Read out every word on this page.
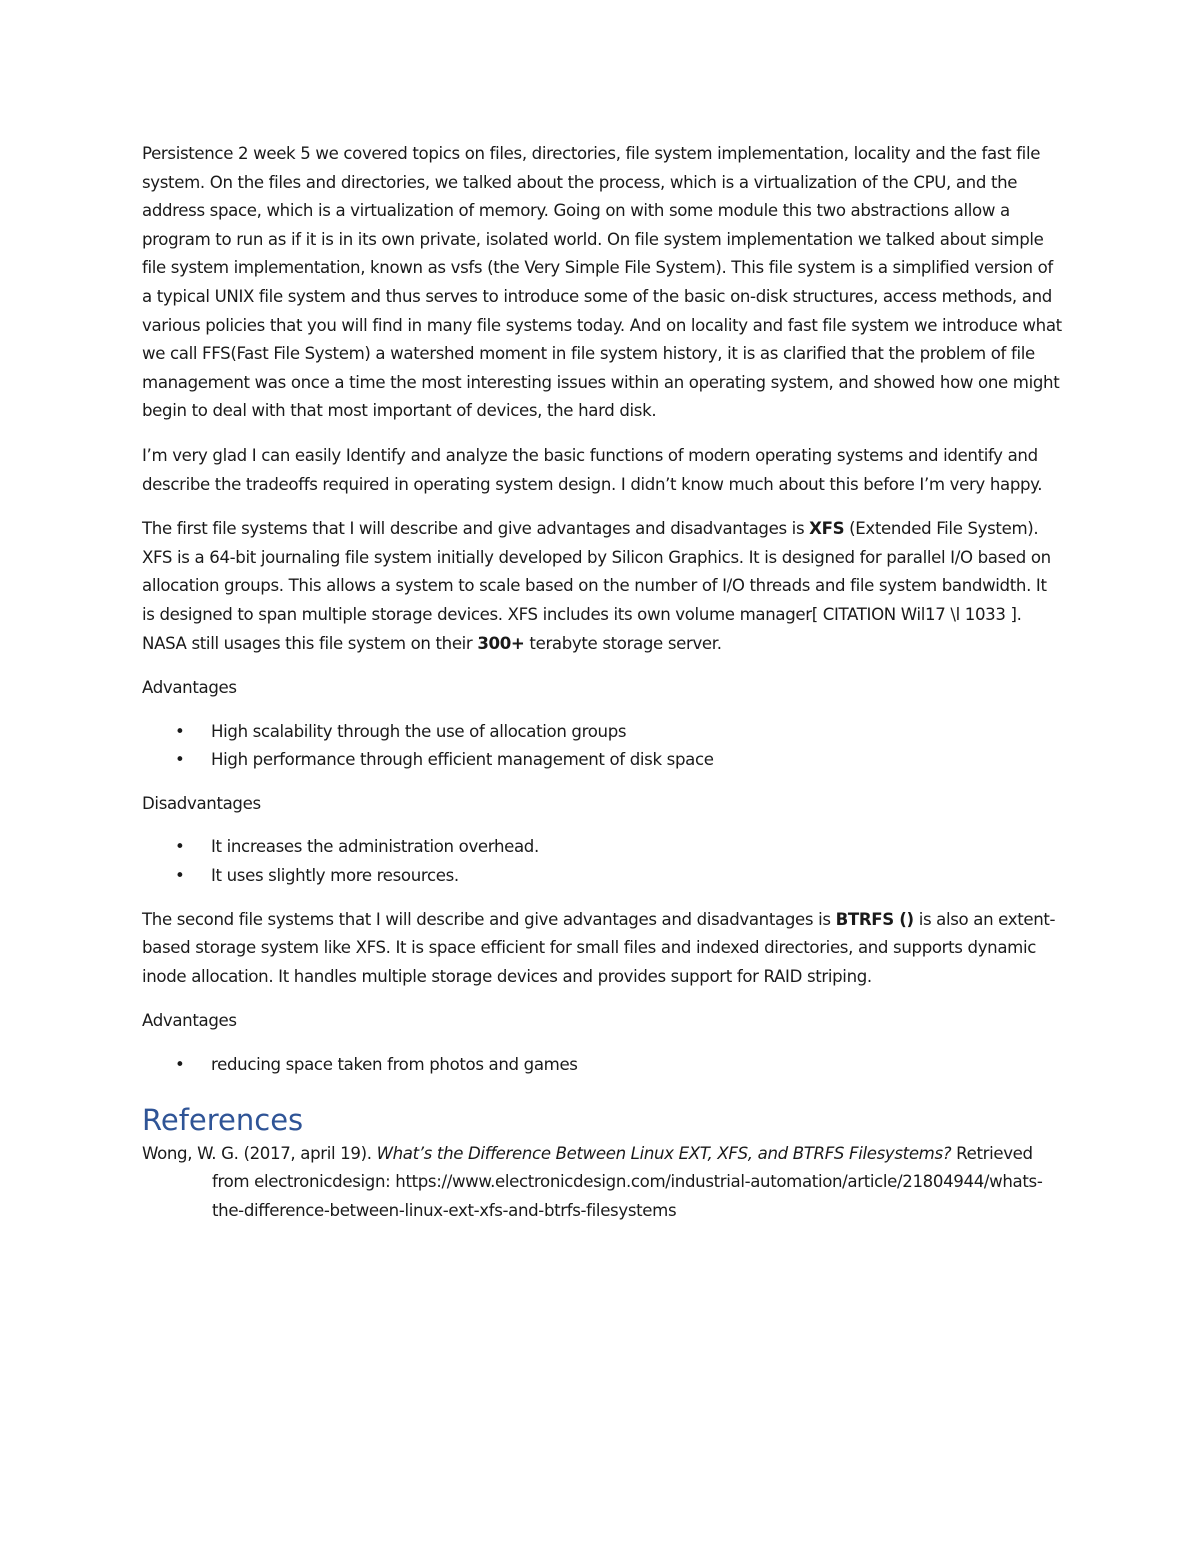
Persistence 2 week 5 we covered topics on files, directories, file system implementation, locality and the fast file system. On the files and directories, we talked about the process, which is a virtualization of the CPU, and the address space, which is a virtualization of memory. Going on with some module this two abstractions allow a program to run as if it is in its own private, isolated world. On file system implementation we talked about simple file system implementation, known as vsfs (the Very Simple File System). This file system is a simplified version of a typical UNIX file system and thus serves to introduce some of the basic on-disk structures, access methods, and various policies that you will find in many file systems today. And on locality and fast file system we introduce what we call FFS(Fast File System) a watershed moment in file system history, it is as clarified that the problem of file management was once a time the most interesting issues within an operating system, and showed how one might begin to deal with that most important of devices, the hard disk.

I’m very glad I can easily Identify and analyze the basic functions of modern operating systems and identify and describe the tradeoffs required in operating system design. I didn’t know much about this before I’m very happy.

The first file systems that I will describe and give advantages and disadvantages is XFS (Extended File System). XFS is a 64-bit journaling file system initially developed by Silicon Graphics. It is designed for parallel I/O based on allocation groups. This allows a system to scale based on the number of I/O threads and file system bandwidth. It is designed to span multiple storage devices. XFS includes its own volume manager[ CITATION Wil17 \l 1033 ]. NASA still usages this file system on their 300+ terabyte storage server.

Advantages

• High scalability through the use of allocation groups
• High performance through efficient management of disk space

Disadvantages

• It increases the administration overhead.
• It uses slightly more resources.

The second file systems that I will describe and give advantages and disadvantages is BTRFS () is also an extent-based storage system like XFS. It is space efficient for small files and indexed directories, and supports dynamic inode allocation. It handles multiple storage devices and provides support for RAID striping.

Advantages

• reducing space taken from photos and games
References
Wong, W. G. (2017, april 19). What’s the Difference Between Linux EXT, XFS, and BTRFS Filesystems? Retrieved from electronicdesign: https://www.electronicdesign.com/industrial-automation/article/21804944/whats-the-difference-between-linux-ext-xfs-and-btrfs-filesystems
